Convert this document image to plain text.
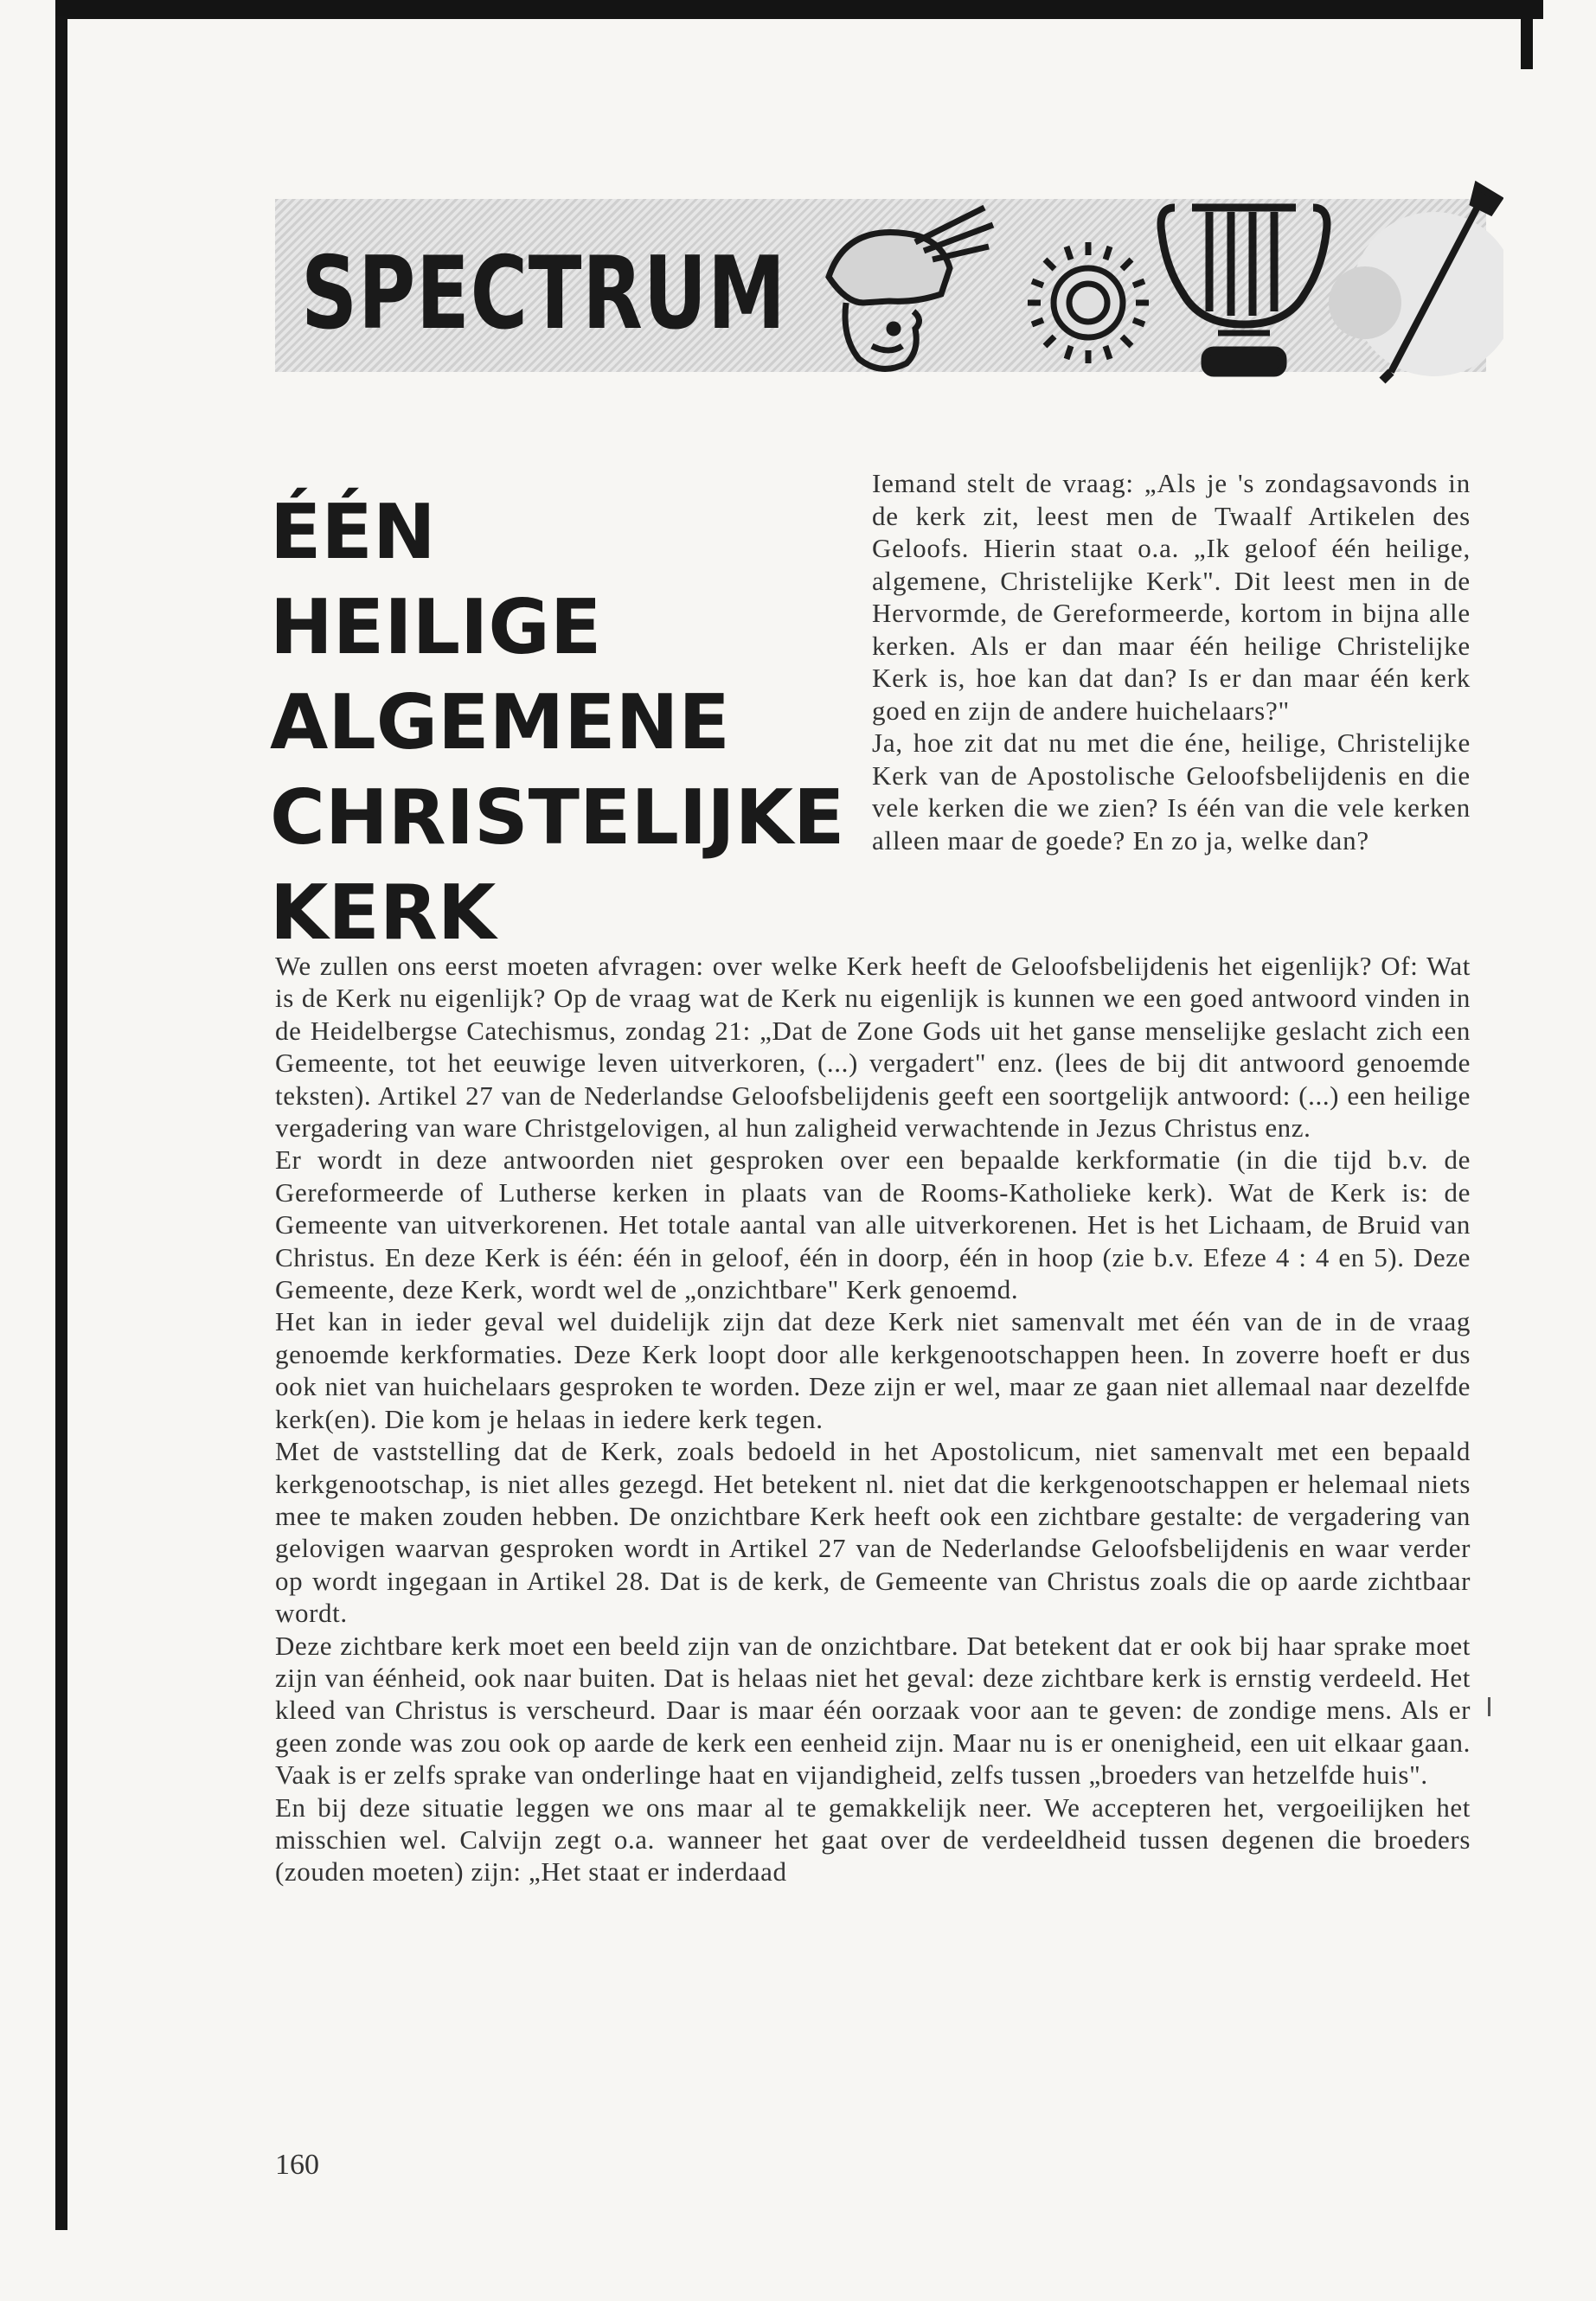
SPECTRUM
ÉÉN
HEILIGE
ALGEMENE
CHRISTELIJKE
KERK

Iemand stelt de vraag: „Als je 's zondagsavonds in de kerk zit, leest men de Twaalf Artikelen des Geloofs. Hierin staat o.a. „Ik geloof één heilige, algemene, Christelijke Kerk". Dit leest men in de Hervormde, de Gereformeerde, kortom in bijna alle kerken. Als er dan maar één heilige Christelijke Kerk is, hoe kan dat dan? Is er dan maar één kerk goed en zijn de andere huichelaars?"

Ja, hoe zit dat nu met die éne, heilige, Christelijke Kerk van de Apostolische Geloofsbelijdenis en die vele kerken die we zien? Is één van die vele kerken alleen maar de goede? En zo ja, welke dan?

We zullen ons eerst moeten afvragen: over welke Kerk heeft de Geloofsbelijdenis het eigenlijk? Of: Wat is de Kerk nu eigenlijk? Op de vraag wat de Kerk nu eigenlijk is kunnen we een goed antwoord vinden in de Heidelbergse Catechismus, zondag 21: „Dat de Zone Gods uit het ganse menselijke geslacht zich een Gemeente, tot het eeuwige leven uitverkoren, (...) vergadert" enz. (lees de bij dit antwoord genoemde teksten). Artikel 27 van de Nederlandse Geloofsbelijdenis geeft een soortgelijk antwoord: (...) een heilige vergadering van ware Christgelovigen, al hun zaligheid verwachtende in Jezus Christus enz.

Er wordt in deze antwoorden niet gesproken over een bepaalde kerkformatie (in die tijd b.v. de Gereformeerde of Lutherse kerken in plaats van de Rooms-Katholieke kerk). Wat de Kerk is: de Gemeente van uitverkorenen. Het totale aantal van alle uitverkorenen. Het is het Lichaam, de Bruid van Christus. En deze Kerk is één: één in geloof, één in doorp, één in hoop (zie b.v. Efeze 4 : 4 en 5). Deze Gemeente, deze Kerk, wordt wel de „onzichtbare" Kerk genoemd.

Het kan in ieder geval wel duidelijk zijn dat deze Kerk niet samenvalt met één van de in de vraag genoemde kerkformaties. Deze Kerk loopt door alle kerkgenootschappen heen. In zoverre hoeft er dus ook niet van huichelaars gesproken te worden. Deze zijn er wel, maar ze gaan niet allemaal naar dezelfde kerk(en). Die kom je helaas in iedere kerk tegen.

Met de vaststelling dat de Kerk, zoals bedoeld in het Apostolicum, niet samenvalt met een bepaald kerkgenootschap, is niet alles gezegd. Het betekent nl. niet dat die kerkgenootschappen er helemaal niets mee te maken zouden hebben. De onzichtbare Kerk heeft ook een zichtbare gestalte: de vergadering van gelovigen waarvan gesproken wordt in Artikel 27 van de Nederlandse Geloofsbelijdenis en waar verder op wordt ingegaan in Artikel 28. Dat is de kerk, de Gemeente van Christus zoals die op aarde zichtbaar wordt.

Deze zichtbare kerk moet een beeld zijn van de onzichtbare. Dat betekent dat er ook bij haar sprake moet zijn van éénheid, ook naar buiten. Dat is helaas niet het geval: deze zichtbare kerk is ernstig verdeeld. Het kleed van Christus is verscheurd. Daar is maar één oorzaak voor aan te geven: de zondige mens. Als er geen zonde was zou ook op aarde de kerk een eenheid zijn. Maar nu is er onenigheid, een uit elkaar gaan. Vaak is er zelfs sprake van onderlinge haat en vijandigheid, zelfs tussen „broeders van hetzelfde huis".

En bij deze situatie leggen we ons maar al te gemakkelijk neer. We accepteren het, vergoeilijken het misschien wel. Calvijn zegt o.a. wanneer het gaat over de verdeeldheid tussen degenen die broeders (zouden moeten) zijn: „Het staat er inderdaad

160
